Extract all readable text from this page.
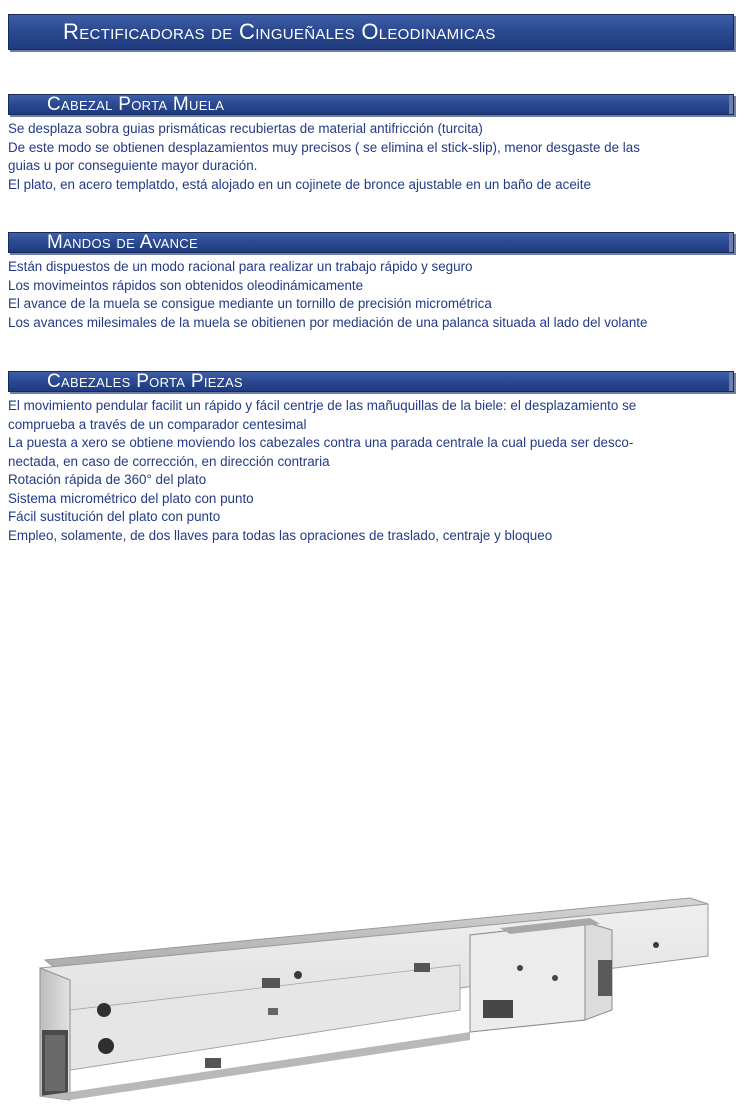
Rectificadoras de Cingueñales Oleodinamicas
Cabezal Porta Muela
Se desplaza sobra guias prismáticas recubiertas de material antifricción (turcita)
De este modo se obtienen desplazamientos muy precisos ( se elimina el stick-slip), menor desgaste de las
guias u por conseguiente mayor duración.
El plato, en acero templatdo, está alojado en un cojinete de bronce ajustable en un baño de aceite
Mandos de Avance
Están dispuestos de un modo racional para realizar un trabajo rápido y seguro
Los movimeintos rápidos son obtenidos oleodinámicamente
El avance de la muela se consigue mediante un tornillo de precisión micrométrica
Los avances milesimales de la muela se obitienen por mediación de una palanca situada al lado del volante
Cabezales Porta Piezas
El movimiento pendular facilit un rápido y fácil centrje de las mañuquillas de la biele: el desplazamiento se
comprueba a través de un comparador centesimal
La puesta a xero se obtiene moviendo los cabezales contra una parada centrale la cual pueda ser desco-
nectada, en caso de corrección, en dirección contraria
Rotación rápida de 360° del plato
Sistema micrométrico del plato con punto
Fácil sustitución del plato con punto
Empleo, solamente, de dos llaves para todas las opraciones de traslado, centraje y bloqueo
